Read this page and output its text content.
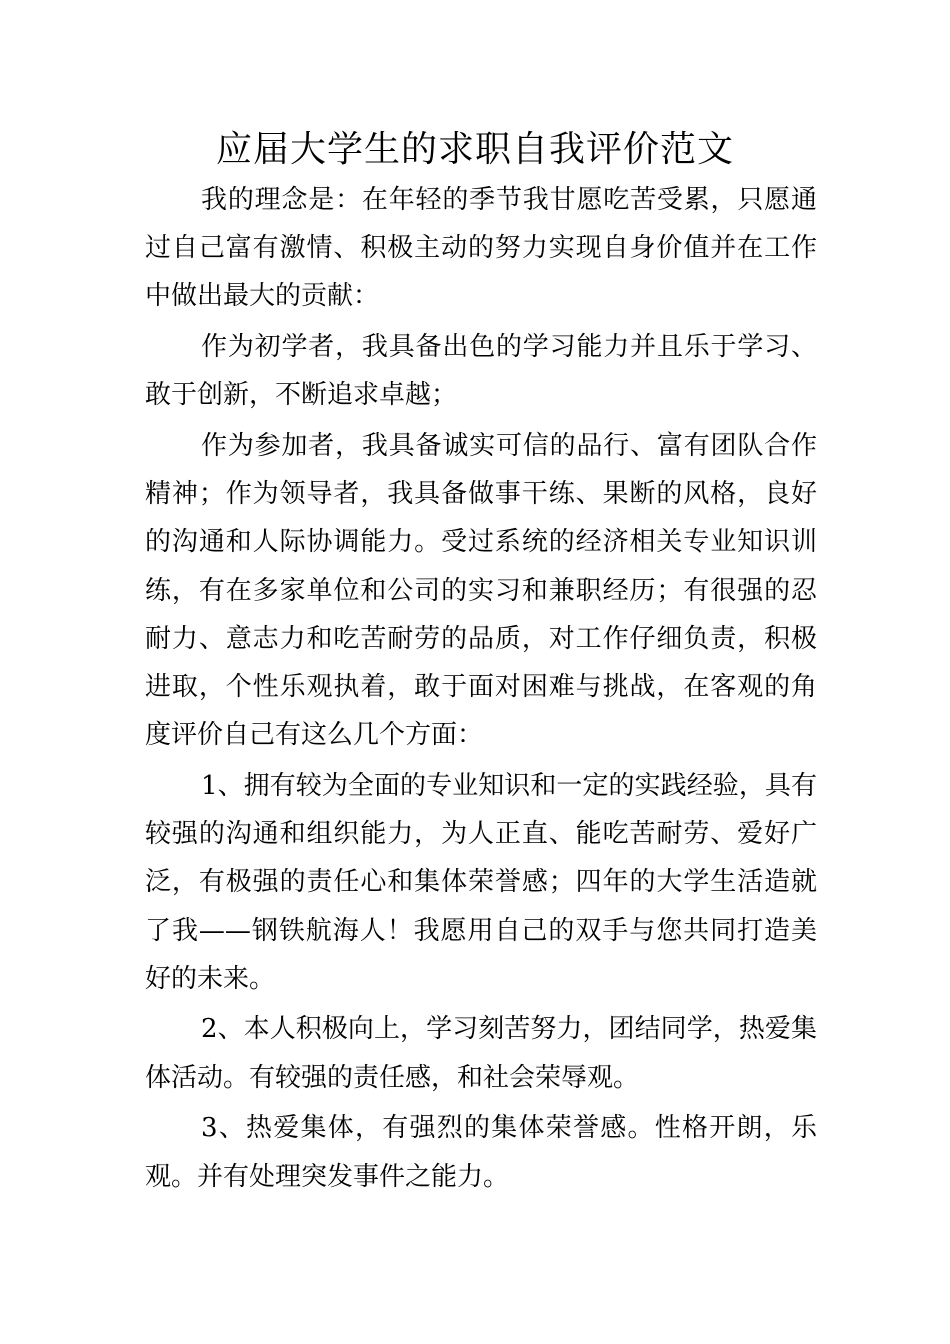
应届大学生的求职自我评价范文

我的理念是：在年轻的季节我甘愿吃苦受累，只愿通过自己富有激情、积极主动的努力实现自身价值并在工作中做出最大的贡献：

作为初学者，我具备出色的学习能力并且乐于学习、敢于创新，不断追求卓越；

作为参加者，我具备诚实可信的品行、富有团队合作精神；作为领导者，我具备做事干练、果断的风格，良好的沟通和人际协调能力。受过系统的经济相关专业知识训练，有在多家单位和公司的实习和兼职经历；有很强的忍耐力、意志力和吃苦耐劳的品质，对工作仔细负责，积极进取，个性乐观执着，敢于面对困难与挑战，在客观的角度评价自己有这么几个方面：

1、拥有较为全面的专业知识和一定的实践经验，具有较强的沟通和组织能力，为人正直、能吃苦耐劳、爱好广泛，有极强的责任心和集体荣誉感；四年的大学生活造就了我——钢铁航海人！我愿用自己的双手与您共同打造美好的未来。

2、本人积极向上，学习刻苦努力，团结同学，热爱集体活动。有较强的责任感，和社会荣辱观。

3、热爱集体，有强烈的集体荣誉感。性格开朗，乐观。并有处理突发事件之能力。
